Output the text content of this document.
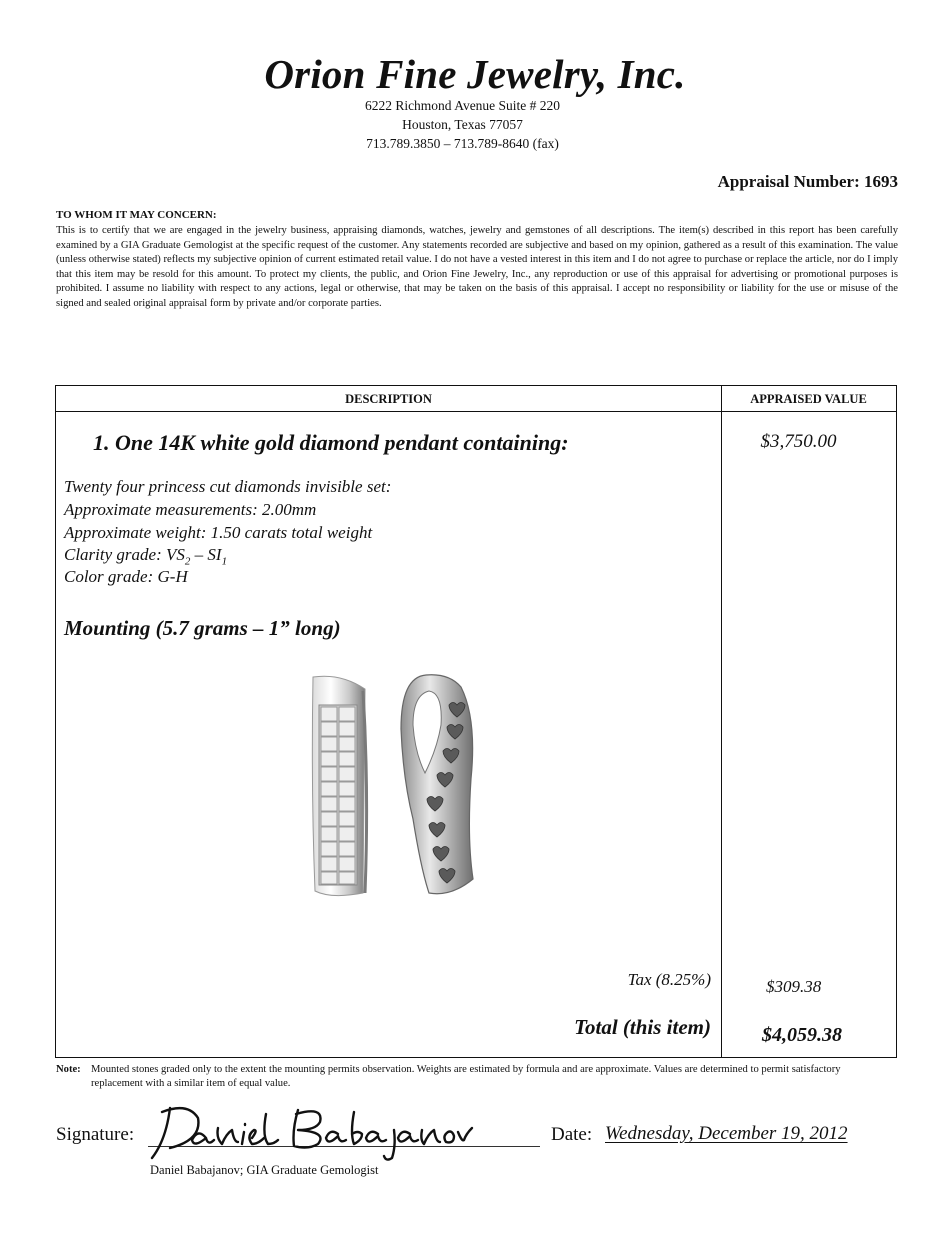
Orion Fine Jewelry, Inc.
6222 Richmond Avenue Suite # 220
Houston, Texas 77057
713.789.3850 – 713.789-8640 (fax)
Appraisal Number: 1693
TO WHOM IT MAY CONCERN:
This is to certify that we are engaged in the jewelry business, appraising diamonds, watches, jewelry and gemstones of all descriptions. The item(s) described in this report has been carefully examined by a GIA Graduate Gemologist at the specific request of the customer. Any statements recorded are subjective and based on my opinion, gathered as a result of this examination. The value (unless otherwise stated) reflects my subjective opinion of current estimated retail value. I do not have a vested interest in this item and I do not agree to purchase or replace the article, nor do I imply that this item may be resold for this amount. To protect my clients, the public, and Orion Fine Jewelry, Inc., any reproduction or use of this appraisal for advertising or promotional purposes is prohibited. I assume no liability with respect to any actions, legal or otherwise, that may be taken on the basis of this appraisal. I accept no responsibility or liability for the use or misuse of the signed and sealed original appraisal form by private and/or corporate parties.
DESCRIPTION	APPRAISED VALUE
1. One 14K white gold diamond pendant containing:	$3,750.00
Twenty four princess cut diamonds invisible set:
Approximate measurements: 2.00mm
Approximate weight: 1.50 carats total weight
Clarity grade: $VS_2 - SI_1$
Color grade: G-H
Mounting (5.7 grams – 1” long)
Tax (8.25%)	$309.38
Total (this item)	$4,059.38
Note: Mounted stones graded only to the extent the mounting permits observation. Weights are estimated by formula and are approximate. Values are determined to permit satisfactory replacement with a similar item of equal value.
Signature:
Daniel Babajanov; GIA Graduate Gemologist
Date: Wednesday, December 19, 2012
